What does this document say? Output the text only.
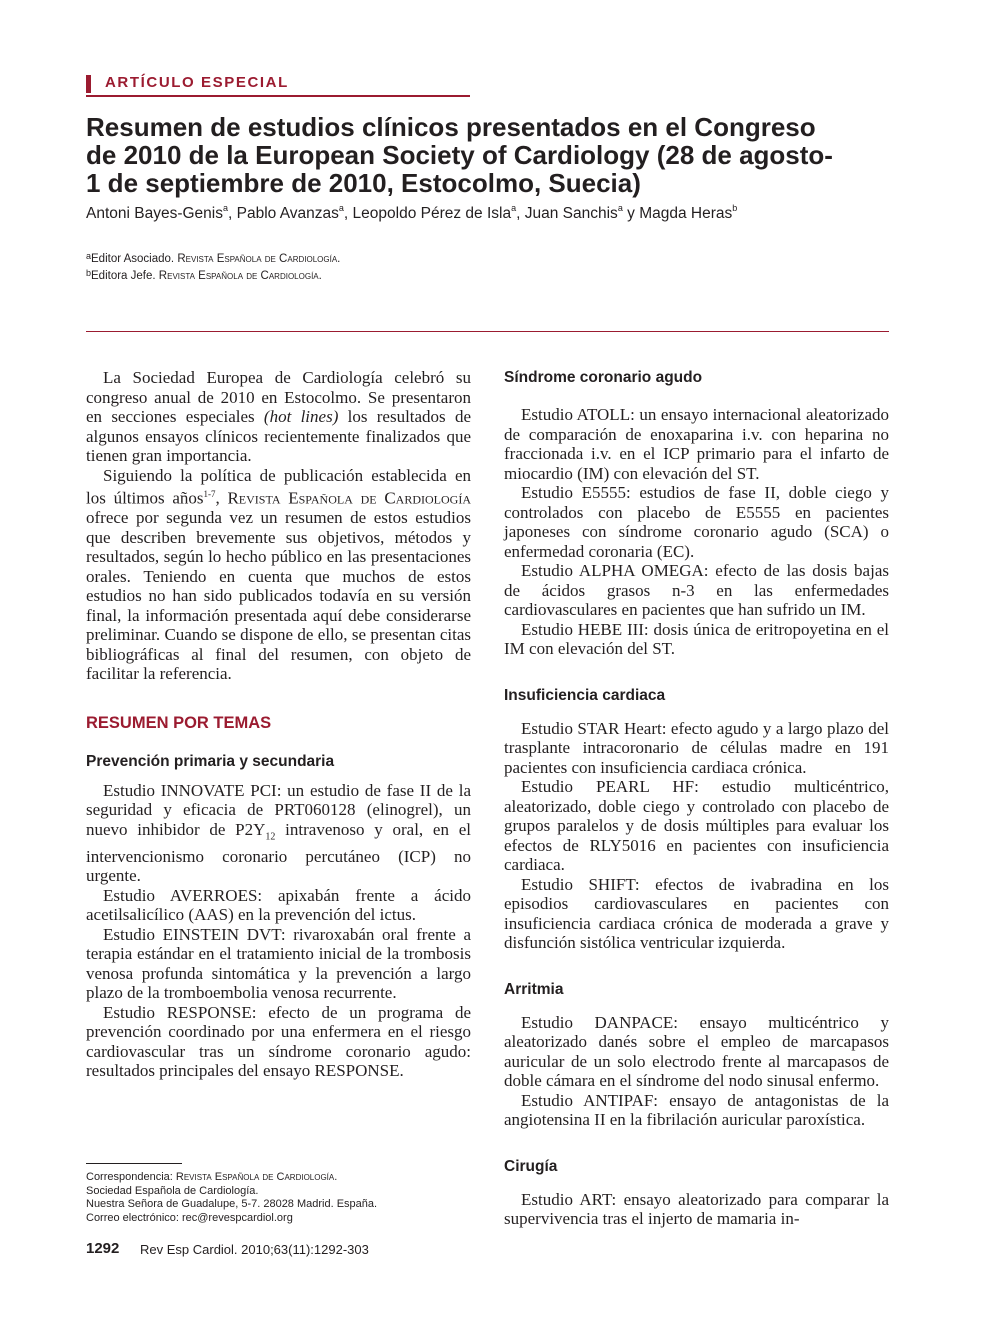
ARTÍCULO ESPECIAL
Resumen de estudios clínicos presentados en el Congreso
de 2010 de la European Society of Cardiology (28 de agosto-
1 de septiembre de 2010, Estocolmo, Suecia)
Antoni Bayes-Genis$^a$, Pablo Avanzas$^a$, Leopoldo Pérez de Isla$^a$, Juan Sanchis$^a$ y Magda Heras$^b$
$^a$Editor Asociado. Revista Española de Cardiología.
$^b$Editora Jefe. Revista Española de Cardiología.

La Sociedad Europea de Cardiología celebró su congreso anual de 2010 en Estocolmo. Se presentaron en secciones especiales (hot lines) los resultados de algunos ensayos clínicos recientemente finalizados que tienen gran importancia.

Siguiendo la política de publicación establecida en los últimos años$^{1-7}$, Revista Española de Cardiología ofrece por segunda vez un resumen de estos estudios que describen brevemente sus objetivos, métodos y resultados, según lo hecho público en las presentaciones orales. Teniendo en cuenta que muchos de estos estudios no han sido publicados todavía en su versión final, la información presentada aquí debe considerarse preliminar. Cuando se dispone de ello, se presentan citas bibliográficas al final del resumen, con objeto de facilitar la referencia.

RESUMEN POR TEMAS
Prevención primaria y secundaria

Estudio INNOVATE PCI: un estudio de fase II de la seguridad y eficacia de PRT060128 (elinogrel), un nuevo inhibidor de $P2Y_{12}$ intravenoso y oral, en el intervencionismo coronario percutáneo (ICP) no urgente.

Estudio AVERROES: apixabán frente a ácido acetilsalicílico (AAS) en la prevención del ictus.

Estudio EINSTEIN DVT: rivaroxabán oral frente a terapia estándar en el tratamiento inicial de la trombosis venosa profunda sintomática y la prevención a largo plazo de la tromboembolia venosa recurrente.

Estudio RESPONSE: efecto de un programa de prevención coordinado por una enfermera en el riesgo cardiovascular tras un síndrome coronario agudo: resultados principales del ensayo RESPONSE.

Síndrome coronario agudo

Estudio ATOLL: un ensayo internacional aleatorizado de comparación de enoxaparina i.v. con heparina no fraccionada i.v. en el ICP primario para el infarto de miocardio (IM) con elevación del ST.

Estudio E5555: estudios de fase II, doble ciego y controlados con placebo de E5555 en pacientes japoneses con síndrome coronario agudo (SCA) o enfermedad coronaria (EC).

Estudio ALPHA OMEGA: efecto de las dosis bajas de ácidos grasos n-3 en las enfermedades cardiovasculares en pacientes que han sufrido un IM.

Estudio HEBE III: dosis única de eritropoyetina en el IM con elevación del ST.

Insuficiencia cardiaca

Estudio STAR Heart: efecto agudo y a largo plazo del trasplante intracoronario de células madre en 191 pacientes con insuficiencia cardiaca crónica.

Estudio PEARL HF: estudio multicéntrico, aleatorizado, doble ciego y controlado con placebo de grupos paralelos y de dosis múltiples para evaluar los efectos de RLY5016 en pacientes con insuficiencia cardiaca.

Estudio SHIFT: efectos de ivabradina en los episodios cardiovasculares en pacientes con insuficiencia cardiaca crónica de moderada a grave y disfunción sistólica ventricular izquierda.

Arritmia

Estudio DANPACE: ensayo multicéntrico y aleatorizado danés sobre el empleo de marcapasos auricular de un solo electrodo frente al marcapasos de doble cámara en el síndrome del nodo sinusal enfermo.

Estudio ANTIPAF: ensayo de antagonistas de la angiotensina II en la fibrilación auricular paroxística.

Cirugía

Estudio ART: ensayo aleatorizado para comparar la supervivencia tras el injerto de mamaria in-

Correspondencia: Revista Española de Cardiología.
Sociedad Española de Cardiología.
Nuestra Señora de Guadalupe, 5-7. 28028 Madrid. España.
Correo electrónico: rec@revespcardiol.org
1292 Rev Esp Cardiol. 2010;63(11):1292-303
